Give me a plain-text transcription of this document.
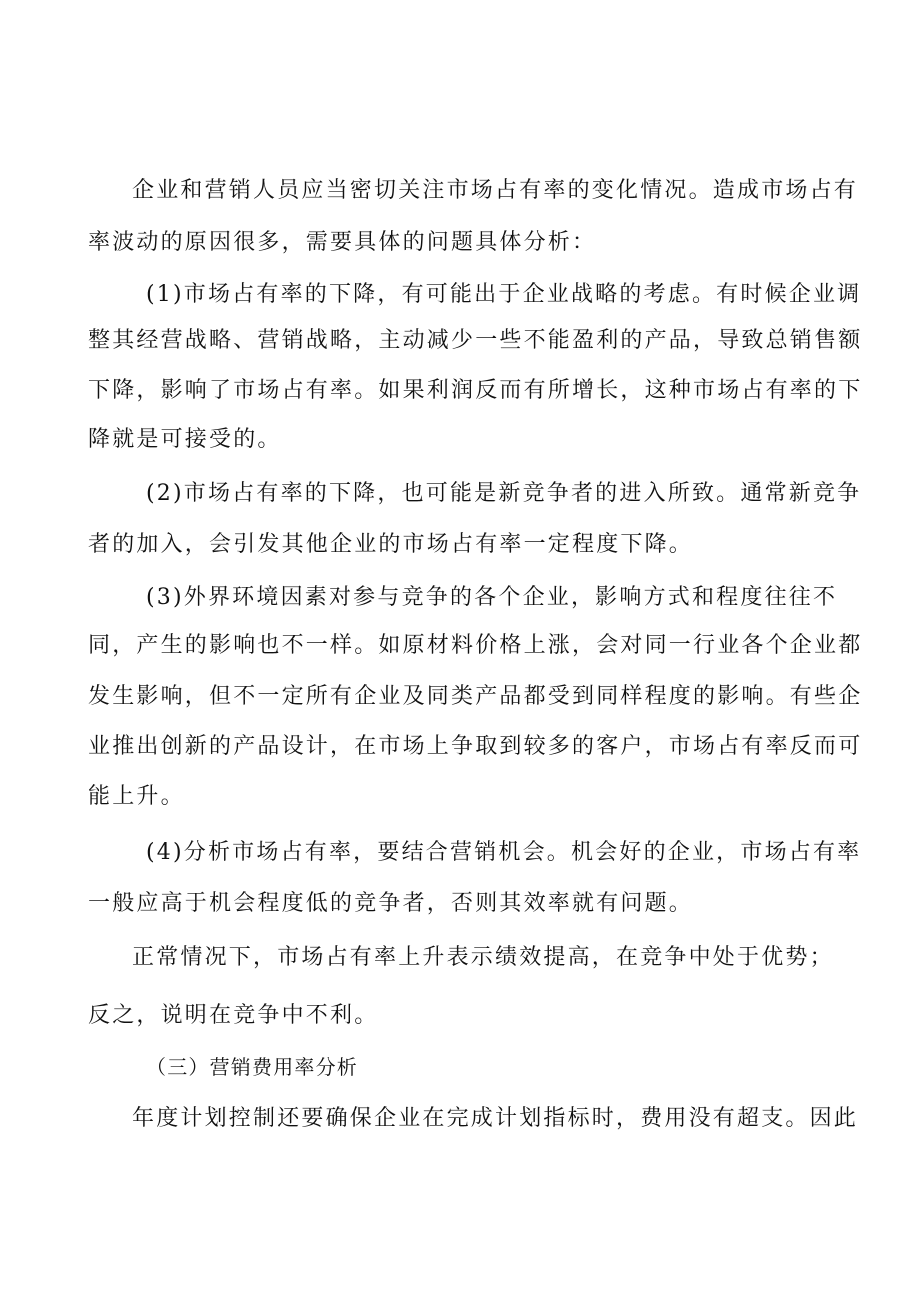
企业和营销人员应当密切关注市场占有率的变化情况。造成市场占有
率波动的原因很多，需要具体的问题具体分析：
(1)市场占有率的下降，有可能出于企业战略的考虑。有时候企业调
整其经营战略、营销战略，主动减少一些不能盈利的产品，导致总销售额
下降，影响了市场占有率。如果利润反而有所增长，这种市场占有率的下
降就是可接受的。
(2)市场占有率的下降，也可能是新竞争者的进入所致。通常新竞争
者的加入，会引发其他企业的市场占有率一定程度下降。
(3)外界环境因素对参与竞争的各个企业，影响方式和程度往往不
同，产生的影响也不一样。如原材料价格上涨，会对同一行业各个企业都
发生影响，但不一定所有企业及同类产品都受到同样程度的影响。有些企
业推出创新的产品设计，在市场上争取到较多的客户，市场占有率反而可
能上升。
(4)分析市场占有率，要结合营销机会。机会好的企业，市场占有率
一般应高于机会程度低的竞争者，否则其效率就有问题。
正常情况下，市场占有率上升表示绩效提高，在竞争中处于优势；
反之，说明在竞争中不利。
（三）营销费用率分析
年度计划控制还要确保企业在完成计划指标时，费用没有超支。因此
